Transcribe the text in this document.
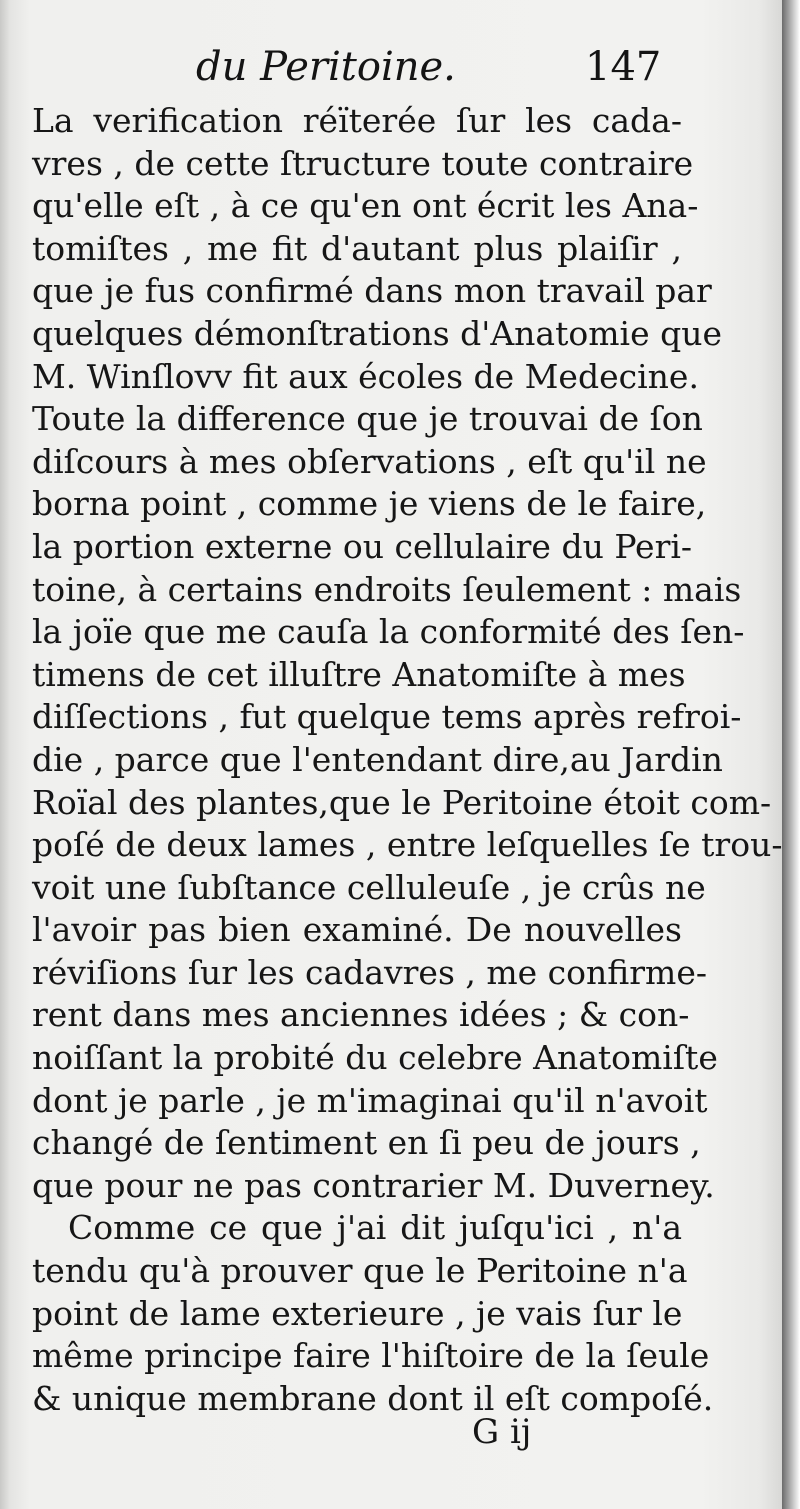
du Peritoine.	147
La verification réïterée ſur les cada-
vres , de cette ſtructure toute contraire
qu'elle eſt , à ce qu'en ont écrit les Ana-
tomiſtes , me fit d'autant plus plaiſir ,
que je fus confirmé dans mon travail par
quelques démonſtrations d'Anatomie que
M. Winſlovv fit aux écoles de Medecine.
Toute la difference que je trouvai de ſon
diſcours à mes obſervations , eſt qu'il ne
borna point , comme je viens de le faire,
la portion externe ou cellulaire du Peri-
toine, à certains endroits ſeulement : mais
la joïe que me cauſa la conformité des ſen-
timens de cet illuſtre Anatomiſte à mes
diſſections , fut quelque tems après refroi-
die , parce que l'entendant dire,au Jardin
Roïal des plantes,que le Peritoine étoit com-
poſé de deux lames , entre leſquelles ſe trou-
voit une ſubſtance celluleuſe , je crûs ne
l'avoir pas bien examiné. De nouvelles
réviſions ſur les cadavres , me confirme-
rent dans mes anciennes idées ; & con-
noiſſant la probité du celebre Anatomiſte
dont je parle , je m'imaginai qu'il n'avoit
changé de ſentiment en ſi peu de jours ,
que pour ne pas contrarier M. Duverney.
Comme ce que j'ai dit juſqu'ici , n'a
tendu qu'à prouver que le Peritoine n'a
point de lame exterieure , je vais ſur le
même principe faire l'hiſtoire de la ſeule
& unique membrane dont il eſt compoſé.
G ij
